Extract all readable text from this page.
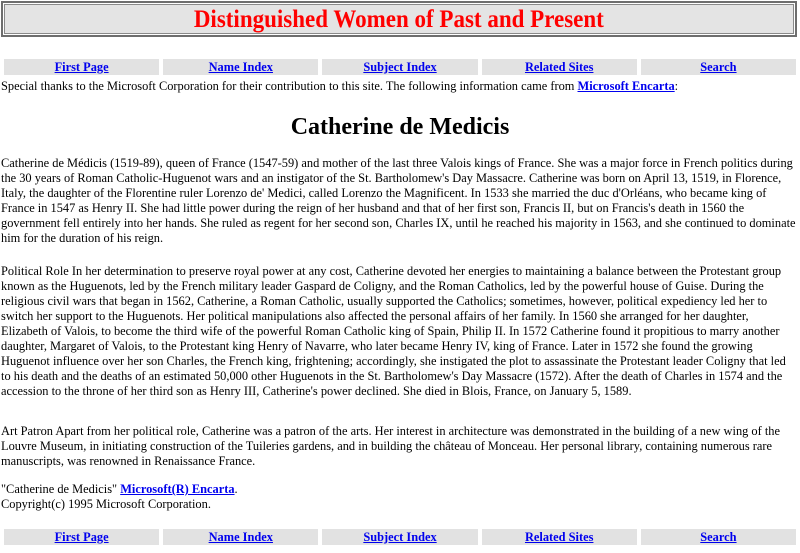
Distinguished Women of Past and Present
First Page	Name Index	Subject Index	Related Sites	Search

Special thanks to the Microsoft Corporation for their contribution to this site. The following information came from Microsoft Encarta:

Catherine de Medicis

Catherine de Médicis (1519-89), queen of France (1547-59) and mother of the last three Valois kings of France. She was a major force in French politics during the 30 years of Roman Catholic-Huguenot wars and an instigator of the St. Bartholomew's Day Massacre. Catherine was born on April 13, 1519, in Florence, Italy, the daughter of the Florentine ruler Lorenzo de' Medici, called Lorenzo the Magnificent. In 1533 she married the duc d'Orléans, who became king of France in 1547 as Henry II. She had little power during the reign of her husband and that of her first son, Francis II, but on Francis's death in 1560 the government fell entirely into her hands. She ruled as regent for her second son, Charles IX, until he reached his majority in 1563, and she continued to dominate him for the duration of his reign.

Political Role In her determination to preserve royal power at any cost, Catherine devoted her energies to maintaining a balance between the Protestant group known as the Huguenots, led by the French military leader Gaspard de Coligny, and the Roman Catholics, led by the powerful house of Guise. During the religious civil wars that began in 1562, Catherine, a Roman Catholic, usually supported the Catholics; sometimes, however, political expediency led her to switch her support to the Huguenots. Her political manipulations also affected the personal affairs of her family. In 1560 she arranged for her daughter, Elizabeth of Valois, to become the third wife of the powerful Roman Catholic king of Spain, Philip II. In 1572 Catherine found it propitious to marry another daughter, Margaret of Valois, to the Protestant king Henry of Navarre, who later became Henry IV, king of France. Later in 1572 she found the growing Huguenot influence over her son Charles, the French king, frightening; accordingly, she instigated the plot to assassinate the Protestant leader Coligny that led to his death and the deaths of an estimated 50,000 other Huguenots in the St. Bartholomew's Day Massacre (1572). After the death of Charles in 1574 and the accession to the throne of her third son as Henry III, Catherine's power declined. She died in Blois, France, on January 5, 1589.

Art Patron Apart from her political role, Catherine was a patron of the arts. Her interest in architecture was demonstrated in the building of a new wing of the Louvre Museum, in initiating construction of the Tuileries gardens, and in building the château of Monceau. Her personal library, containing numerous rare manuscripts, was renowned in Renaissance France.

"Catherine de Medicis" Microsoft(R) Encarta.
Copyright(c) 1995 Microsoft Corporation.

First Page	Name Index	Subject Index	Related Sites	Search
